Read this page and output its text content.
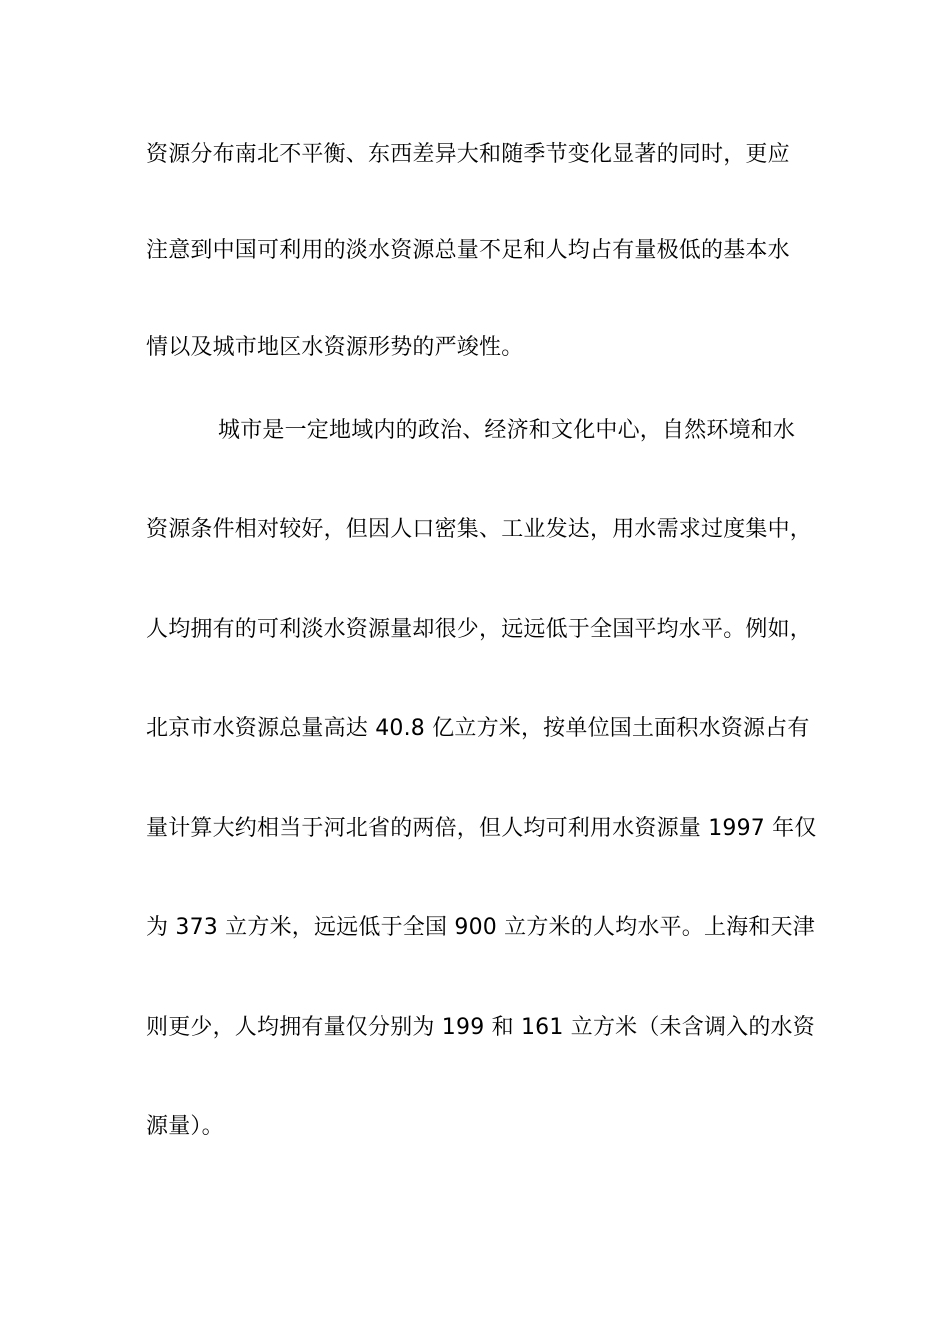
资源分布南北不平衡、东西差异大和随季节变化显著的同时，更应
注意到中国可利用的淡水资源总量不足和人均占有量极低的基本水
情以及城市地区水资源形势的严竣性。
城市是一定地域内的政治、经济和文化中心，自然环境和水
资源条件相对较好，但因人口密集、工业发达，用水需求过度集中，
人均拥有的可利淡水资源量却很少，远远低于全国平均水平。例如，
北京市水资源总量高达 40.8 亿立方米，按单位国土面积水资源占有
量计算大约相当于河北省的两倍，但人均可利用水资源量 1997 年仅
为 373 立方米，远远低于全国 900 立方米的人均水平。上海和天津
则更少，人均拥有量仅分别为 199 和 161 立方米（未含调入的水资
源量）。
